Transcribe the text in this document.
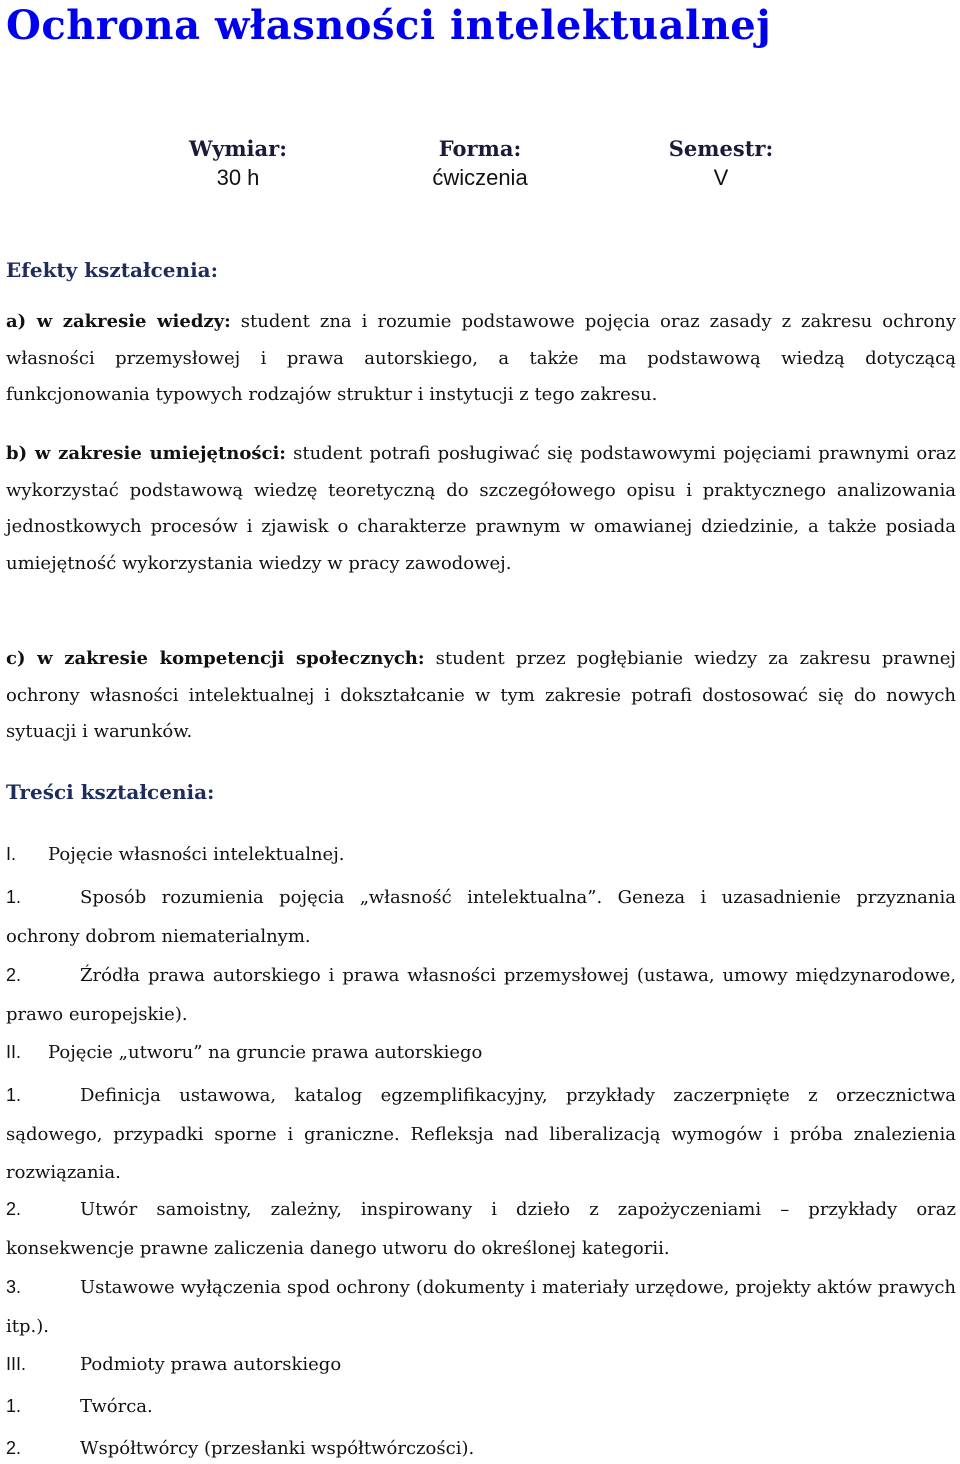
Ochrona własności intelektualnej
Wymiar:
30 h
Forma:
ćwiczenia
Semestr:
V
Efekty kształcenia:

a) w zakresie wiedzy: student zna i rozumie podstawowe pojęcia oraz zasady z zakresu ochrony własności przemysłowej i prawa autorskiego, a także ma podstawową wiedzą dotyczącą funkcjonowania typowych rodzajów struktur i instytucji z tego zakresu.

b) w zakresie umiejętności: student potrafi posługiwać się podstawowymi pojęciami prawnymi oraz wykorzystać podstawową wiedzę teoretyczną do szczegółowego opisu i praktycznego analizowania jednostkowych procesów i zjawisk o charakterze prawnym w omawianej dziedzinie, a także posiada umiejętność wykorzystania wiedzy w pracy zawodowej.

c) w zakresie kompetencji społecznych: student przez pogłębianie wiedzy za zakresu prawnej ochrony własności intelektualnej i dokształcanie w tym zakresie potrafi dostosować się do nowych sytuacji i warunków.

Treści kształcenia:

I. Pojęcie własności intelektualnej.

1.	Sposób rozumienia pojęcia „własność intelektualna”. Geneza i uzasadnienie przyznania ochrony dobrom niematerialnym.

2.	Źródła prawa autorskiego i prawa własności przemysłowej (ustawa, umowy międzynarodowe, prawo europejskie).

II. Pojęcie „utworu” na gruncie prawa autorskiego

1.	Definicja ustawowa, katalog egzemplifikacyjny, przykłady zaczerpnięte z orzecznictwa sądowego, przypadki sporne i graniczne. Refleksja nad liberalizacją wymogów i próba znalezienia rozwiązania.

2.	Utwór samoistny, zależny, inspirowany i dzieło z zapożyczeniami – przykłady oraz konsekwencje prawne zaliczenia danego utworu do określonej kategorii.

3.	Ustawowe wyłączenia spod ochrony (dokumenty i materiały urzędowe, projekty aktów prawych itp.).

III.	Podmioty prawa autorskiego

1.	Twórca.

2.	Współtwórcy (przesłanki współtwórczości).
